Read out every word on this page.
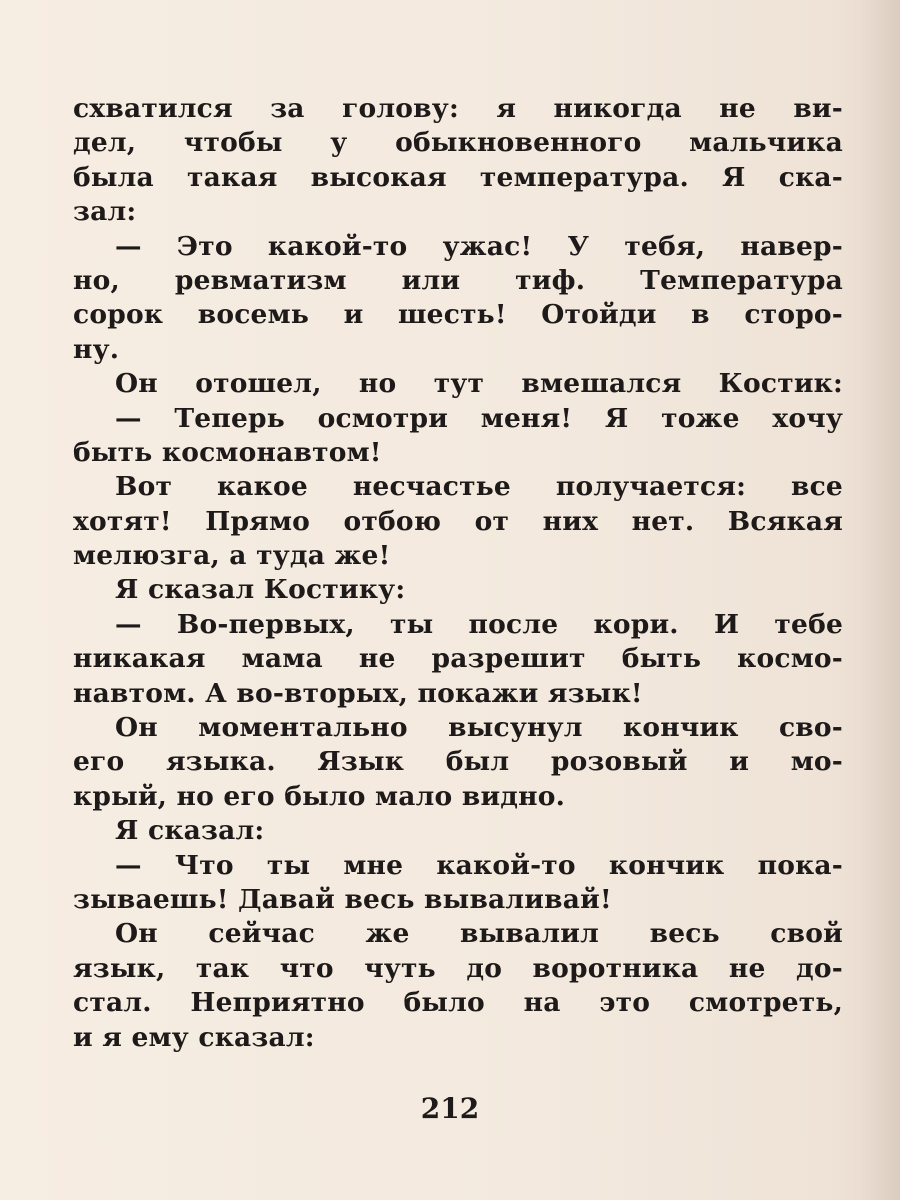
схватился за голову: я никогда не ви-
дел, чтобы у обыкновенного мальчика
была такая высокая температура. Я ска-
зал:
— Это какой-то ужас! У тебя, навер-
но, ревматизм или тиф. Температура
сорок восемь и шесть! Отойди в сторо-
ну.
Он отошел, но тут вмешался Костик:
— Теперь осмотри меня! Я тоже хочу
быть космонавтом!
Вот какое несчастье получается: все
хотят! Прямо отбою от них нет. Всякая
мелюзга, а туда же!
Я сказал Костику:
— Во-первых, ты после кори. И тебе
никакая мама не разрешит быть космо-
навтом. А во-вторых, покажи язык!
Он моментально высунул кончик сво-
его языка. Язык был розовый и мо-
крый, но его было мало видно.
Я сказал:
— Что ты мне какой-то кончик пока-
зываешь! Давай весь вываливай!
Он сейчас же вывалил весь свой
язык, так что чуть до воротника не до-
стал. Неприятно было на это смотреть,
и я ему сказал:
212
